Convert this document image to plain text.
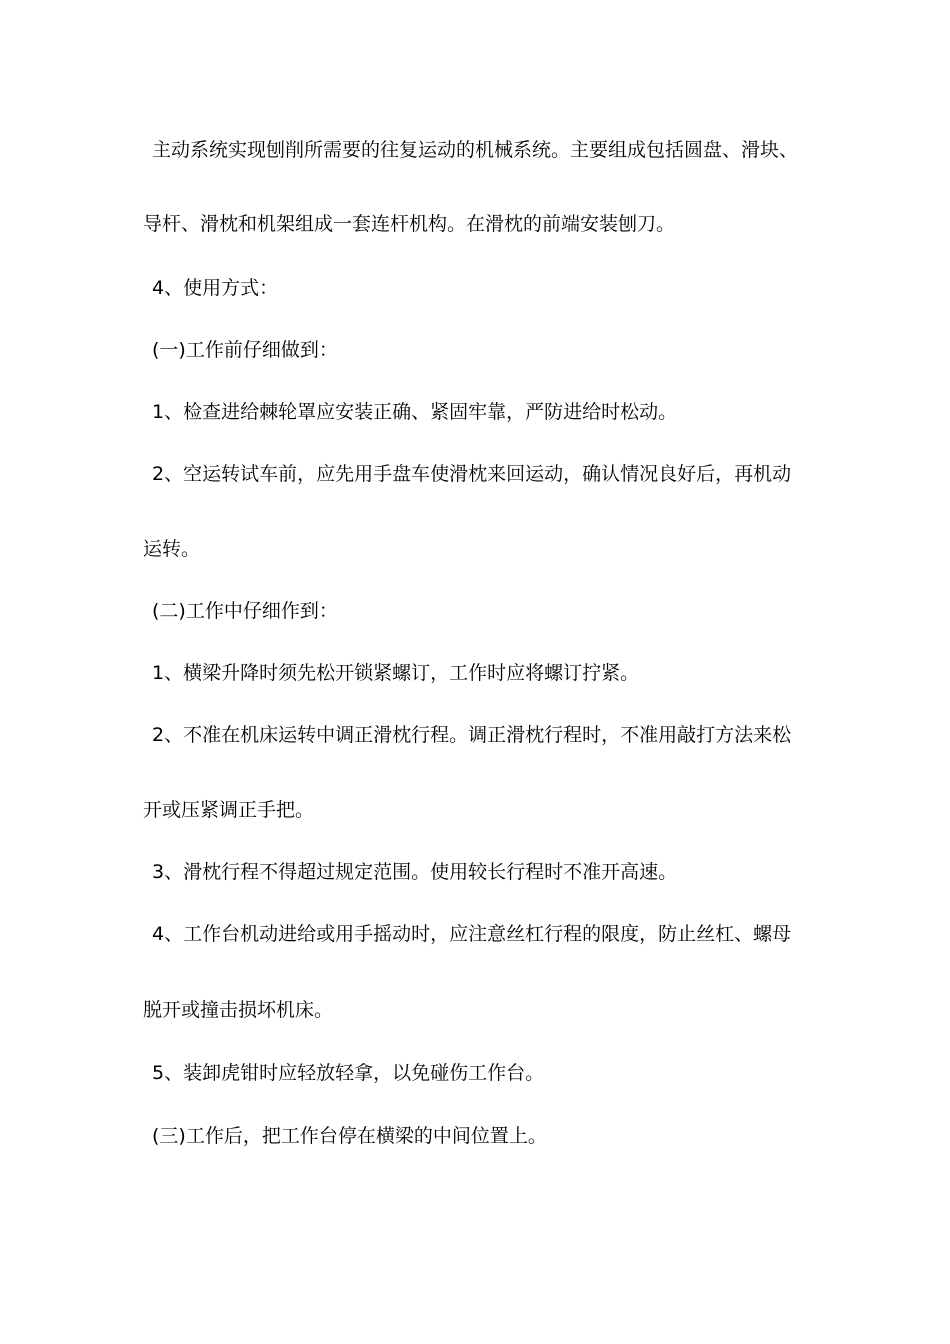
主动系统实现刨削所需要的往复运动的机械系统。主要组成包括圆盘、滑块、

导杆、滑枕和机架组成一套连杆机构。在滑枕的前端安装刨刀。

4、使用方式：

(一)工作前仔细做到：

1、检查进给棘轮罩应安装正确、紧固牢靠，严防进给时松动。

2、空运转试车前，应先用手盘车使滑枕来回运动，确认情况良好后，再机动

运转。

(二)工作中仔细作到：

1、横梁升降时须先松开锁紧螺订，工作时应将螺订拧紧。

2、不准在机床运转中调正滑枕行程。调正滑枕行程时，不准用敲打方法来松

开或压紧调正手把。

3、滑枕行程不得超过规定范围。使用较长行程时不准开高速。

4、工作台机动进给或用手摇动时，应注意丝杠行程的限度，防止丝杠、螺母

脱开或撞击损坏机床。

5、装卸虎钳时应轻放轻拿，以免碰伤工作台。

(三)工作后，把工作台停在横梁的中间位置上。
